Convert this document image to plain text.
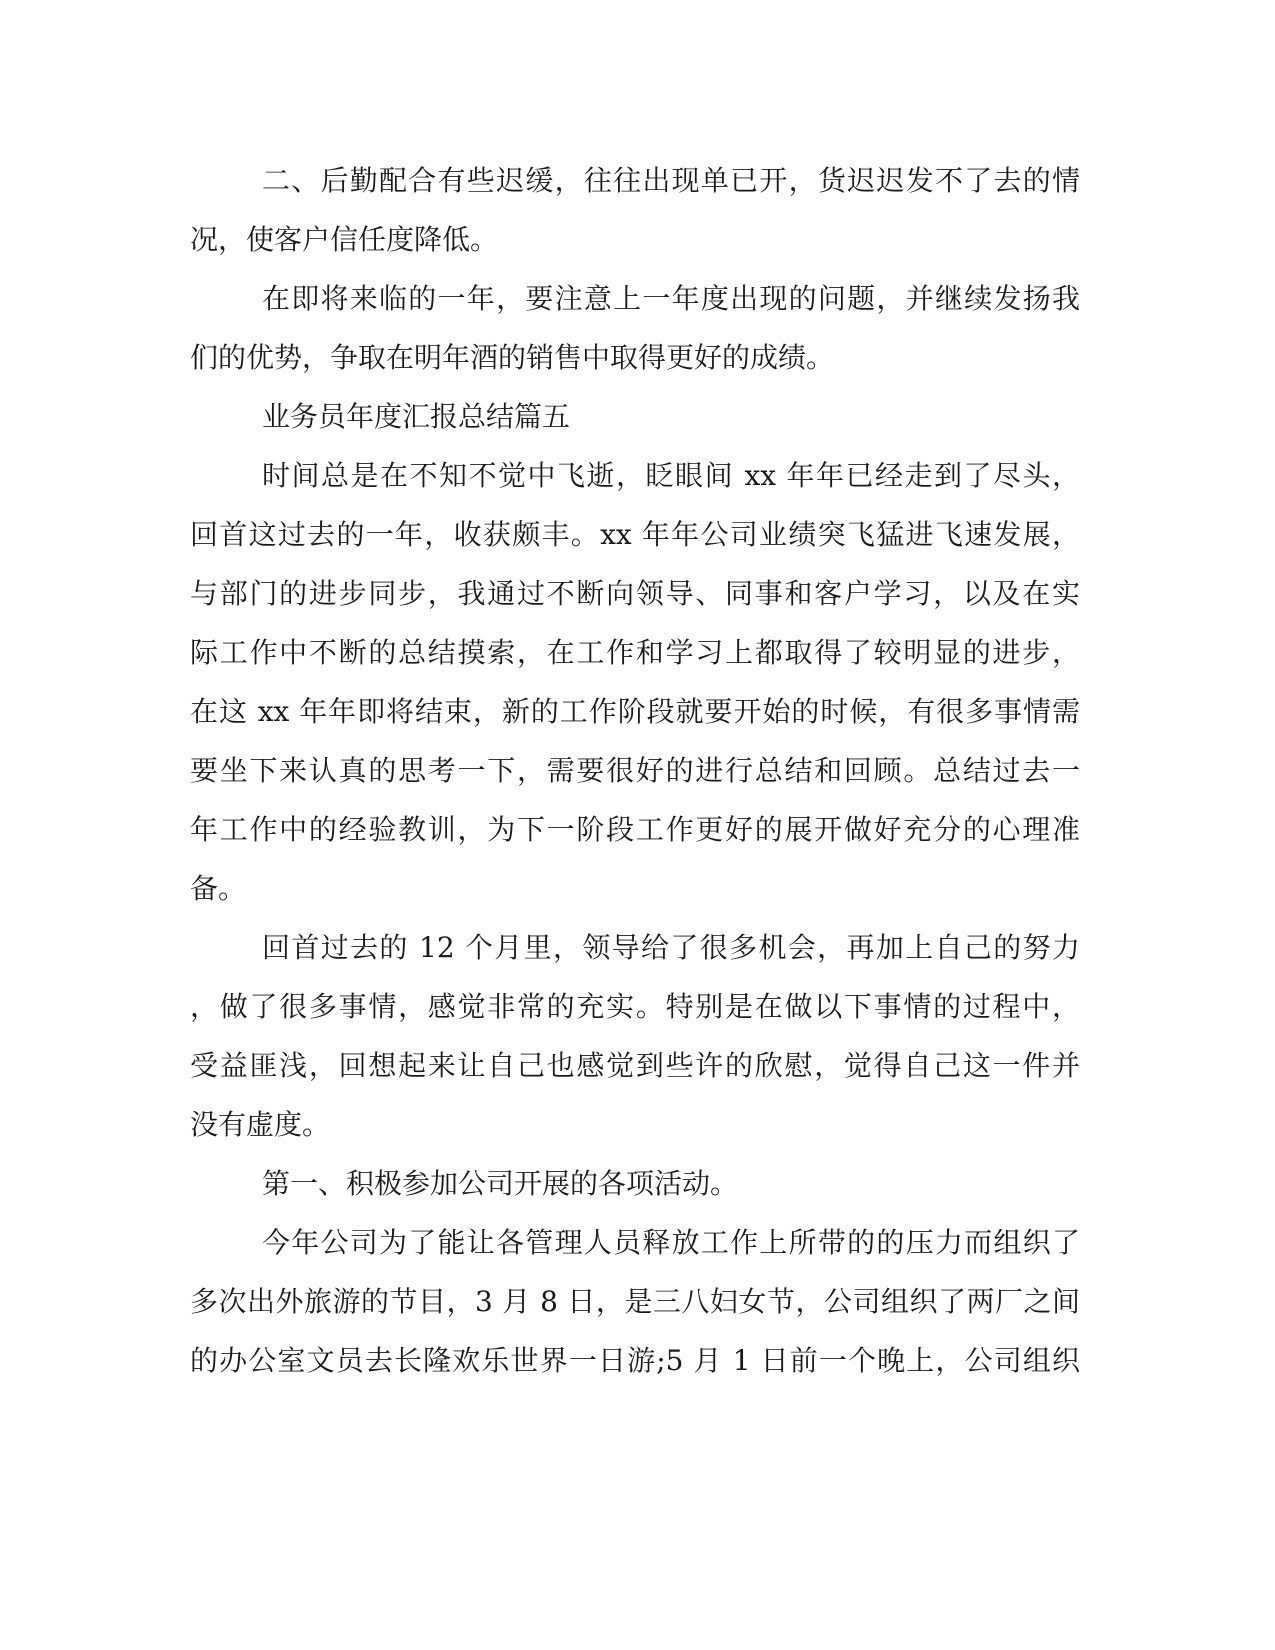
二、后勤配合有些迟缓，往往出现单已开，货迟迟发不了去的情
况，使客户信任度降低。
在即将来临的一年，要注意上一年度出现的问题，并继续发扬我
们的优势，争取在明年酒的销售中取得更好的成绩。
业务员年度汇报总结篇五
时间总是在不知不觉中飞逝，眨眼间 xx 年年已经走到了尽头，
回首这过去的一年，收获颇丰。xx 年年公司业绩突飞猛进飞速发展，
与部门的进步同步，我通过不断向领导、同事和客户学习，以及在实
际工作中不断的总结摸索，在工作和学习上都取得了较明显的进步，
在这 xx 年年即将结束，新的工作阶段就要开始的时候，有很多事情需
要坐下来认真的思考一下，需要很好的进行总结和回顾。总结过去一
年工作中的经验教训，为下一阶段工作更好的展开做好充分的心理准
备。
回首过去的 12 个月里，领导给了很多机会，再加上自己的努力
，做了很多事情，感觉非常的充实。特别是在做以下事情的过程中，
受益匪浅，回想起来让自己也感觉到些许的欣慰，觉得自己这一件并
没有虚度。
第一、积极参加公司开展的各项活动。
今年公司为了能让各管理人员释放工作上所带的的压力而组织了
多次出外旅游的节目，3 月 8 日，是三八妇女节，公司组织了两厂之间
的办公室文员去长隆欢乐世界一日游;5 月 1 日前一个晚上，公司组织
